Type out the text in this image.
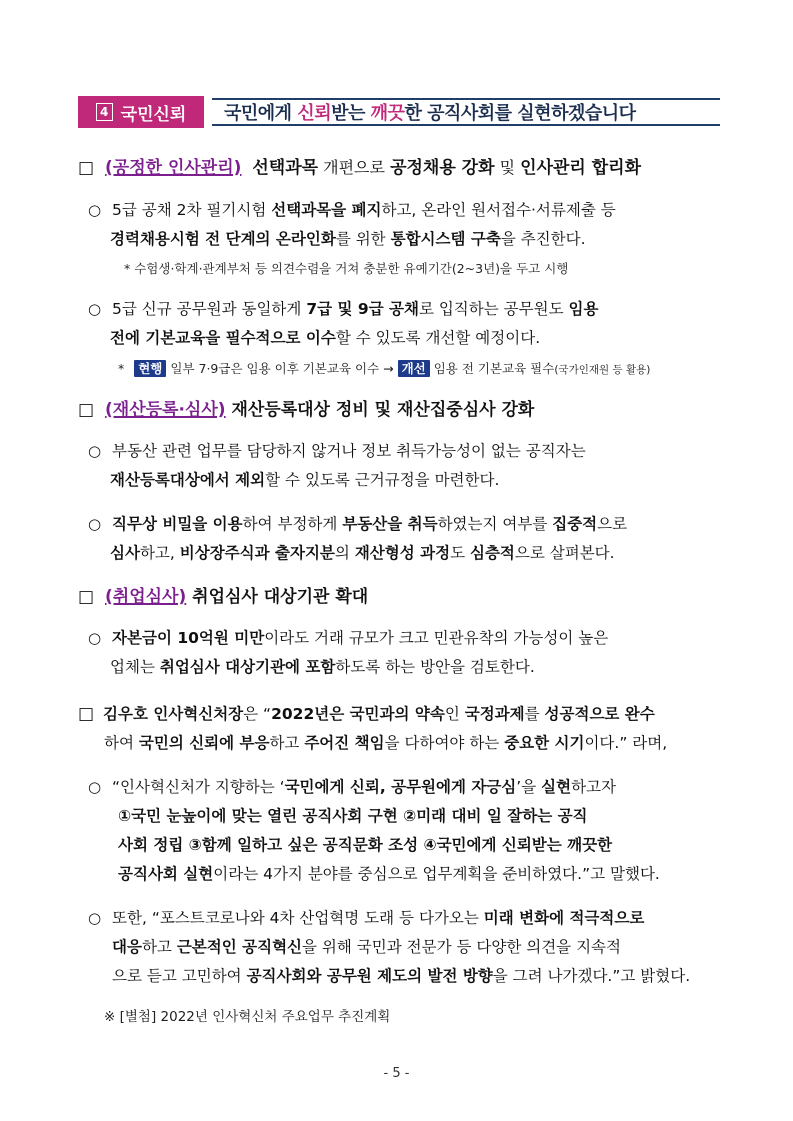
4 국민신뢰	국민에게 신뢰받는 깨끗한 공직사회를 실현하겠습니다
□ (공정한 인사관리) 선택과목 개편으로 공정채용 강화 및 인사관리 합리화
○ 5급 공채 2차 필기시험 선택과목을 폐지하고, 온라인 원서접수·서류제출 등
경력채용시험 전 단계의 온라인화를 위한 통합시스템 구축을 추진한다.
* 수험생·학계·관계부처 등 의견수렴을 거쳐 충분한 유예기간(2~3년)을 두고 시행
○ 5급 신규 공무원과 동일하게 7급 및 9급 공채로 입직하는 공무원도 임용
전에 기본교육을 필수적으로 이수할 수 있도록 개선할 예정이다.
* 현행 일부 7·9급은 임용 이후 기본교육 이수 → 개선 임용 전 기본교육 필수(국가인재원 등 활용)
□ (재산등록·심사) 재산등록대상 정비 및 재산집중심사 강화
○ 부동산 관련 업무를 담당하지 않거나 정보 취득가능성이 없는 공직자는
재산등록대상에서 제외할 수 있도록 근거규정을 마련한다.
○ 직무상 비밀을 이용하여 부정하게 부동산을 취득하였는지 여부를 집중적으로
심사하고, 비상장주식과 출자지분의 재산형성 과정도 심층적으로 살펴본다.
□ (취업심사) 취업심사 대상기관 확대
○ 자본금이 10억원 미만이라도 거래 규모가 크고 민관유착의 가능성이 높은
업체는 취업심사 대상기관에 포함하도록 하는 방안을 검토한다.
□ 김우호 인사혁신처장은 “2022년은 국민과의 약속인 국정과제를 성공적으로 완수
하여 국민의 신뢰에 부응하고 주어진 책임을 다하여야 하는 중요한 시기이다.” 라며,
○ “인사혁신처가 지향하는 ‘국민에게 신뢰, 공무원에게 자긍심’을 실현하고자
①국민 눈높이에 맞는 열린 공직사회 구현 ②미래 대비 일 잘하는 공직
사회 정립 ③함께 일하고 싶은 공직문화 조성 ④국민에게 신뢰받는 깨끗한
공직사회 실현이라는 4가지 분야를 중심으로 업무계획을 준비하였다.”고 말했다.
○ 또한, “포스트코로나와 4차 산업혁명 도래 등 다가오는 미래 변화에 적극적으로
대응하고 근본적인 공직혁신을 위해 국민과 전문가 등 다양한 의견을 지속적
으로 듣고 고민하여 공직사회와 공무원 제도의 발전 방향을 그려 나가겠다.”고 밝혔다.
※ [별첨] 2022년 인사혁신처 주요업무 추진계획
- 5 -
